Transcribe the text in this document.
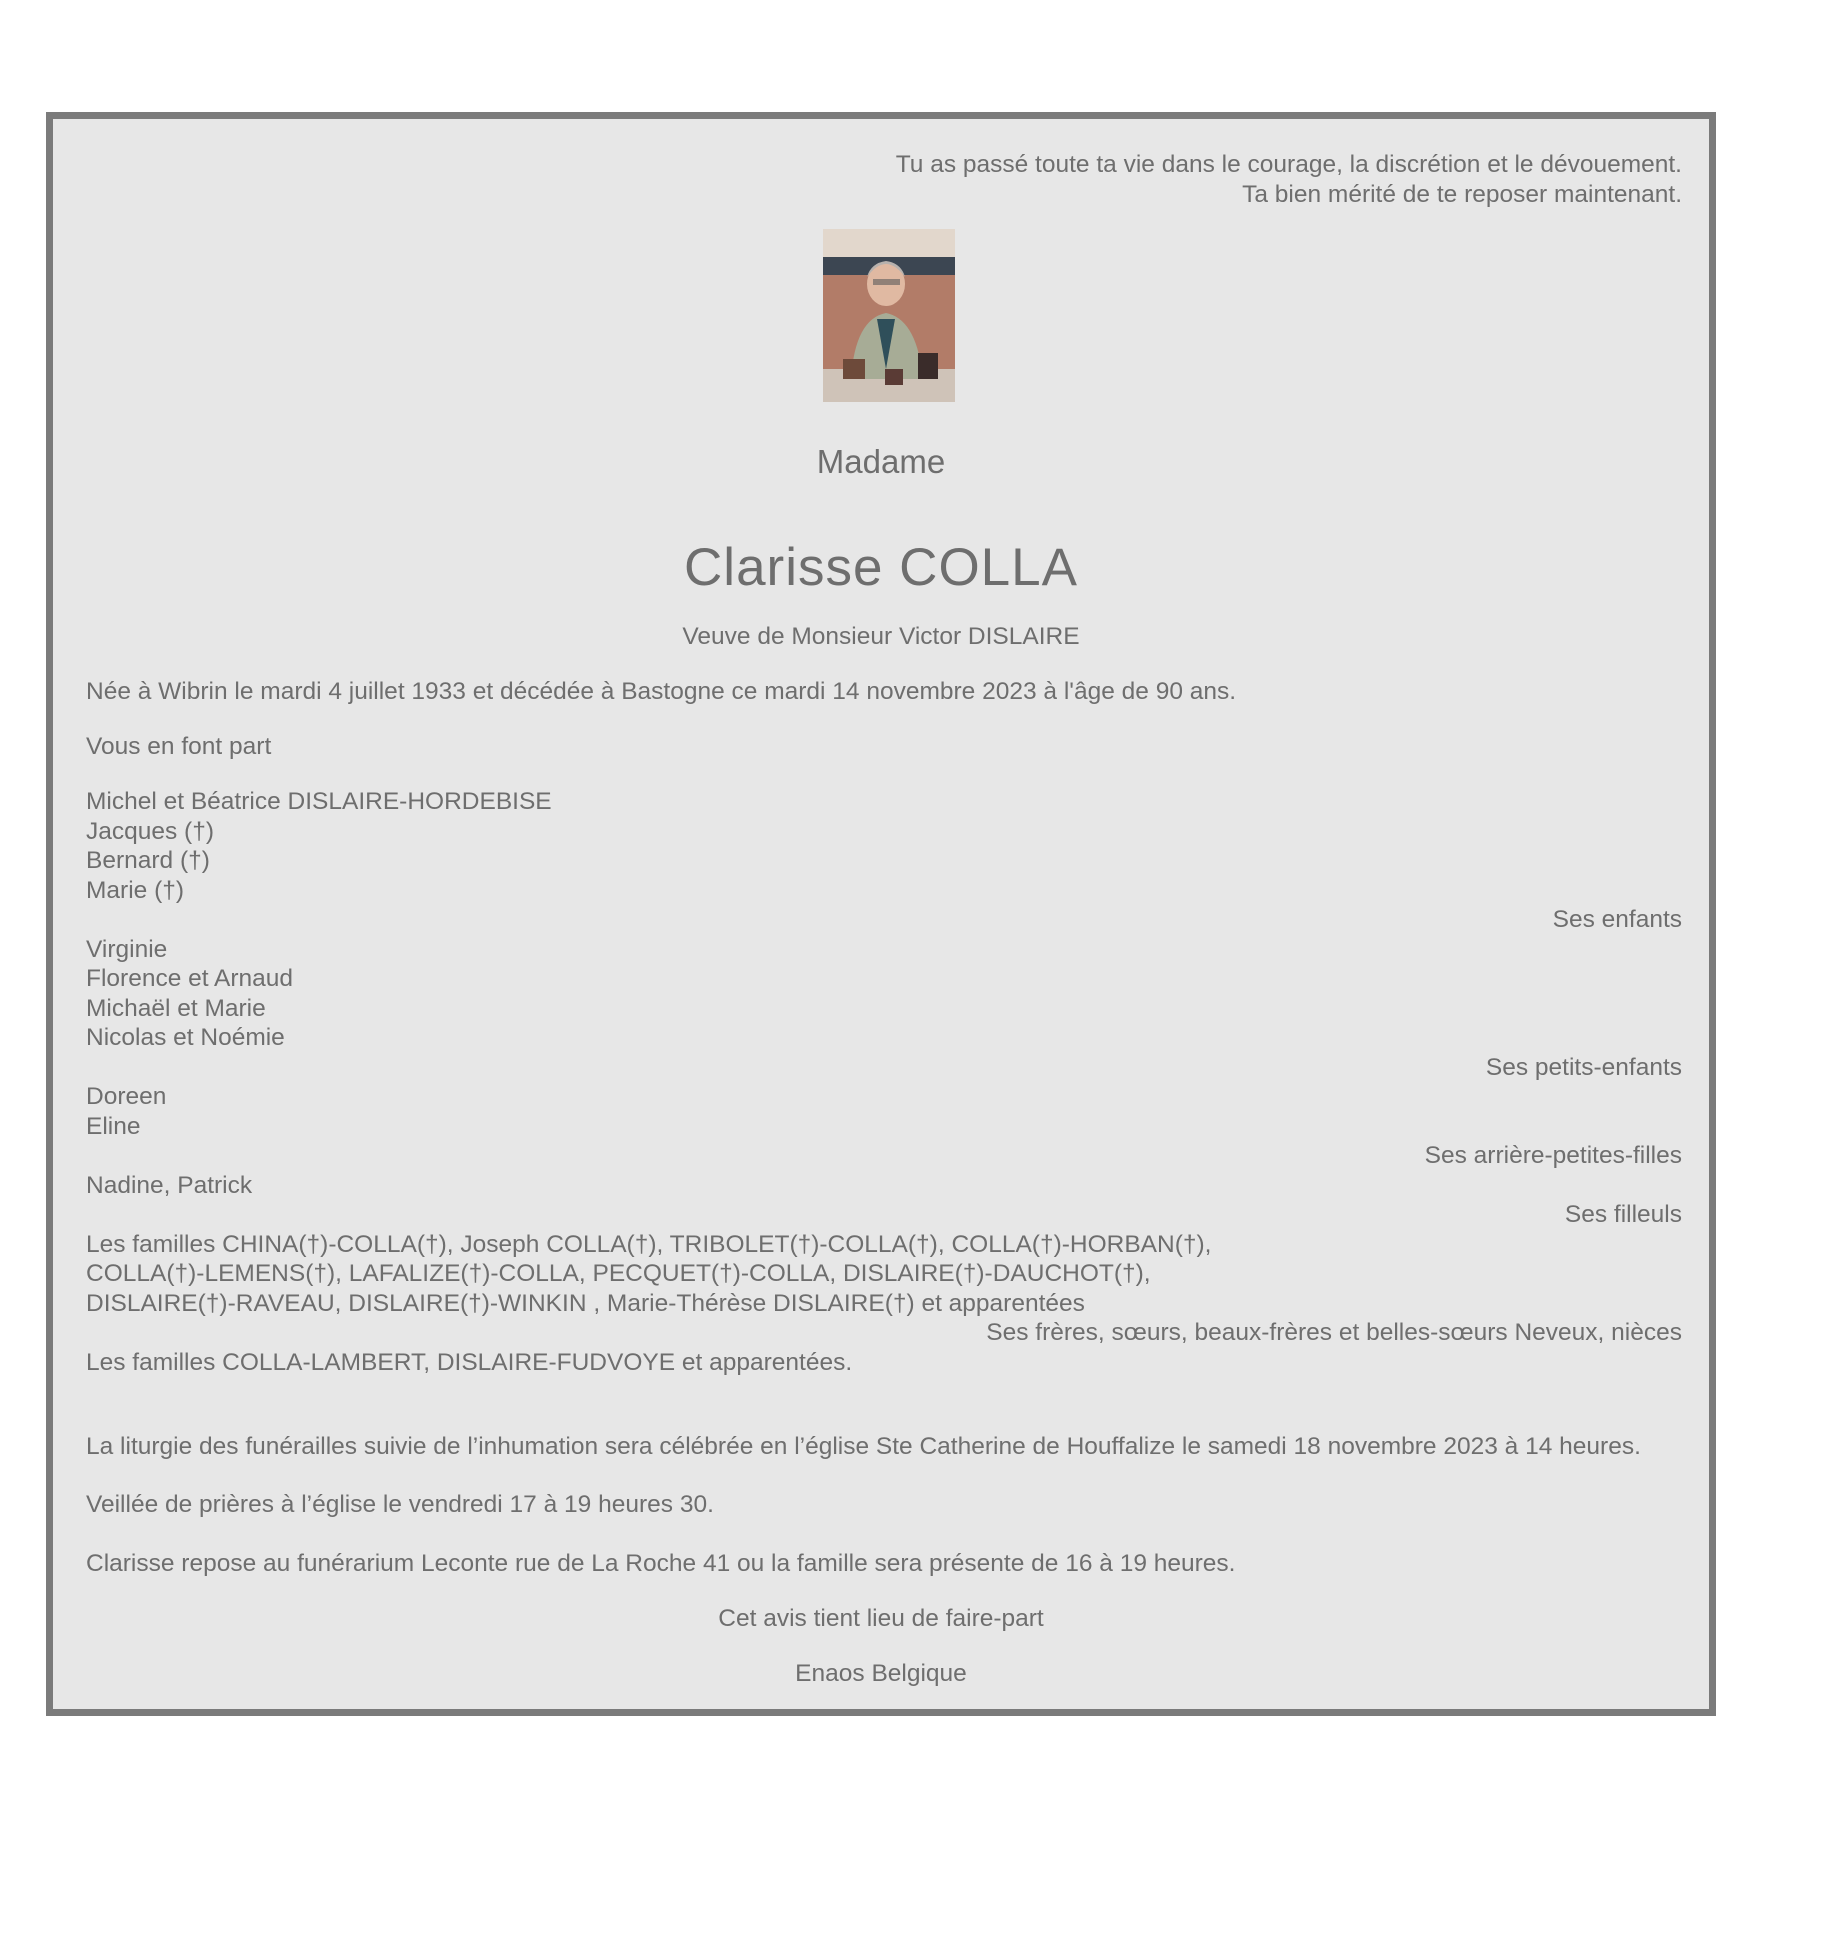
Tu as passé toute ta vie dans le courage, la discrétion et le dévouement.
Ta bien mérité de te reposer maintenant.
Madame
Clarisse COLLA
Veuve de Monsieur Victor DISLAIRE
Née à Wibrin le mardi 4 juillet 1933 et décédée à Bastogne ce mardi 14 novembre 2023 à l'âge de 90 ans.
Vous en font part
Michel et Béatrice DISLAIRE-HORDEBISE
Jacques (†)
Bernard (†)
Marie (†)
Ses enfants
Virginie
Florence et Arnaud
Michaël et Marie
Nicolas et Noémie
Ses petits-enfants
Doreen
Eline
Ses arrière-petites-filles
Nadine, Patrick
Ses filleuls
Les familles CHINA(†)-COLLA(†), Joseph COLLA(†), TRIBOLET(†)-COLLA(†), COLLA(†)-HORBAN(†),
COLLA(†)-LEMENS(†), LAFALIZE(†)-COLLA, PECQUET(†)-COLLA, DISLAIRE(†)-DAUCHOT(†),
DISLAIRE(†)-RAVEAU, DISLAIRE(†)-WINKIN , Marie-Thérèse DISLAIRE(†) et apparentées
Ses frères, sœurs, beaux-frères et belles-sœurs Neveux, nièces
Les familles COLLA-LAMBERT, DISLAIRE-FUDVOYE et apparentées.
La liturgie des funérailles suivie de l’inhumation sera célébrée en l’église Ste Catherine de Houffalize le samedi 18 novembre 2023 à 14 heures.
Veillée de prières à l’église le vendredi 17 à 19 heures 30.
Clarisse repose au funérarium Leconte rue de La Roche 41 ou la famille sera présente de 16 à 19 heures.
Cet avis tient lieu de faire-part
Enaos Belgique
